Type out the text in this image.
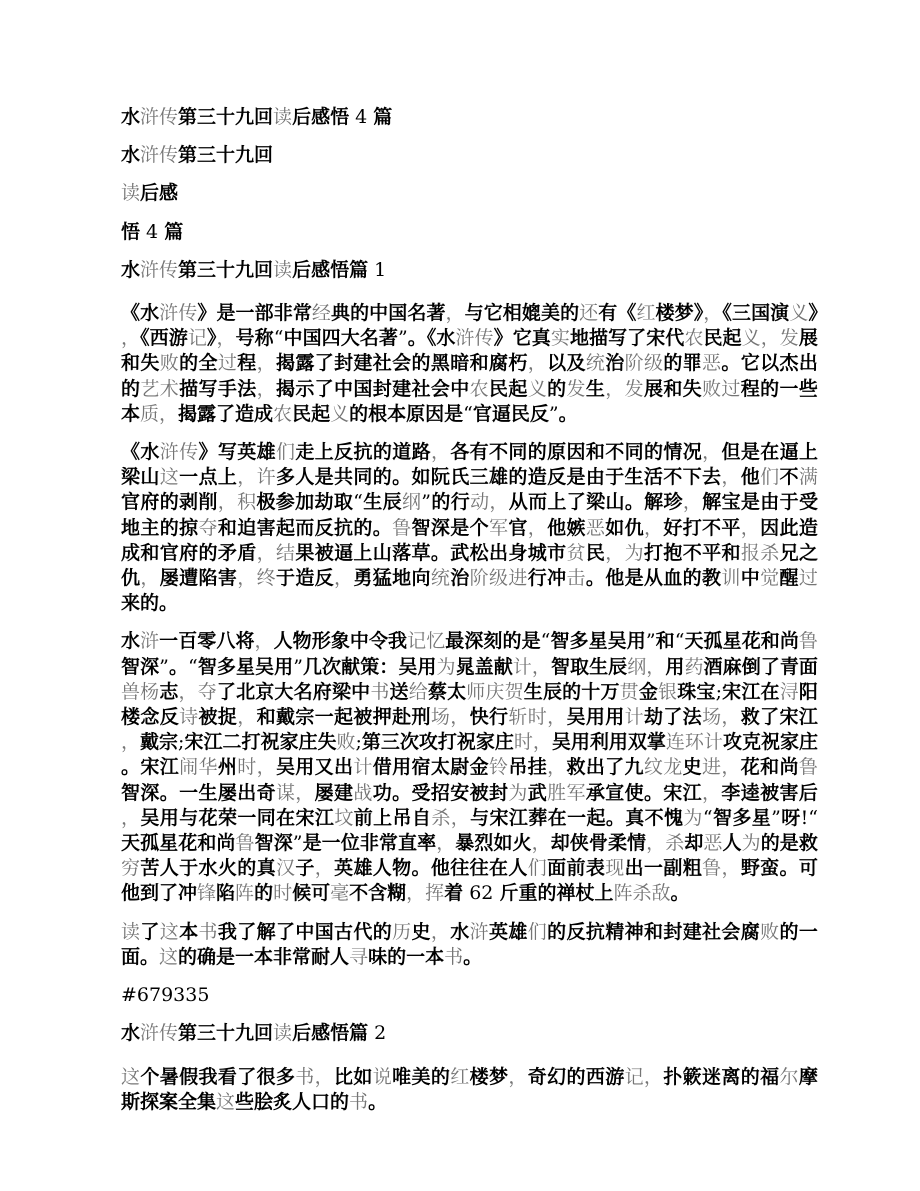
水浒传第三十九回读后感悟 4 篇

水浒传第三十九回

读后感

悟 4 篇

水浒传第三十九回读后感悟篇 1

《水浒传》是一部非常经典的中国名著，与它相媲美的还有《红楼梦》，《三国演义》，《西游记》，号称“中国四大名著”。《水浒传》它真实地描写了宋代农民起义，发展和失败的全过程，揭露了封建社会的黑暗和腐朽，以及统治阶级的罪恶。它以杰出的艺术描写手法，揭示了中国封建社会中农民起义的发生，发展和失败过程的一些本质，揭露了造成农民起义的根本原因是“官逼民反”。

《水浒传》写英雄们走上反抗的道路，各有不同的原因和不同的情况，但是在逼上梁山这一点上，许多人是共同的。如阮氏三雄的造反是由于生活不下去，他们不满官府的剥削，积极参加劫取“生辰纲”的行动，从而上了梁山。解珍，解宝是由于受地主的掠夺和迫害起而反抗的。鲁智深是个军官，他嫉恶如仇，好打不平，因此造成和官府的矛盾，结果被逼上山落草。武松出身城市贫民，为打抱不平和报杀兄之仇，屡遭陷害，终于造反，勇猛地向统治阶级进行冲击。他是从血的教训中觉醒过来的。

水浒一百零八将，人物形象中令我记忆最深刻的是“智多星吴用”和“天孤星花和尚鲁智深”。“智多星吴用”几次献策：吴用为晁盖献计，智取生辰纲，用药酒麻倒了青面兽杨志，夺了北京大名府梁中书送给蔡太师庆贺生辰的十万贯金银珠宝;宋江在浔阳楼念反诗被捉，和戴宗一起被押赴刑场，快行斩时，吴用用计劫了法场，救了宋江，戴宗;宋江二打祝家庄失败;第三次攻打祝家庄时，吴用利用双掌连环计攻克祝家庄。宋江闹华州时，吴用又出计借用宿太尉金铃吊挂，救出了九纹龙史进，花和尚鲁智深。一生屡出奇谋，屡建战功。受招安被封为武胜军承宣使。宋江，李逵被害后，吴用与花荣一同在宋江坟前上吊自杀，与宋江葬在一起。真不愧为“智多星”呀!“天孤星花和尚鲁智深”是一位非常直率，暴烈如火，却侠骨柔情，杀却恶人为的是救穷苦人于水火的真汉子，英雄人物。他往往在人们面前表现出一副粗鲁，野蛮。可他到了冲锋陷阵的时候可毫不含糊，挥着 62 斤重的禅杖上阵杀敌。

读了这本书我了解了中国古代的历史，水浒英雄们的反抗精神和封建社会腐败的一面。这的确是一本非常耐人寻味的一本书。

#679335

水浒传第三十九回读后感悟篇 2

这个暑假我看了很多书，比如说唯美的红楼梦，奇幻的西游记，扑簌迷离的福尔摩斯探案全集这些脍炙人口的书。
